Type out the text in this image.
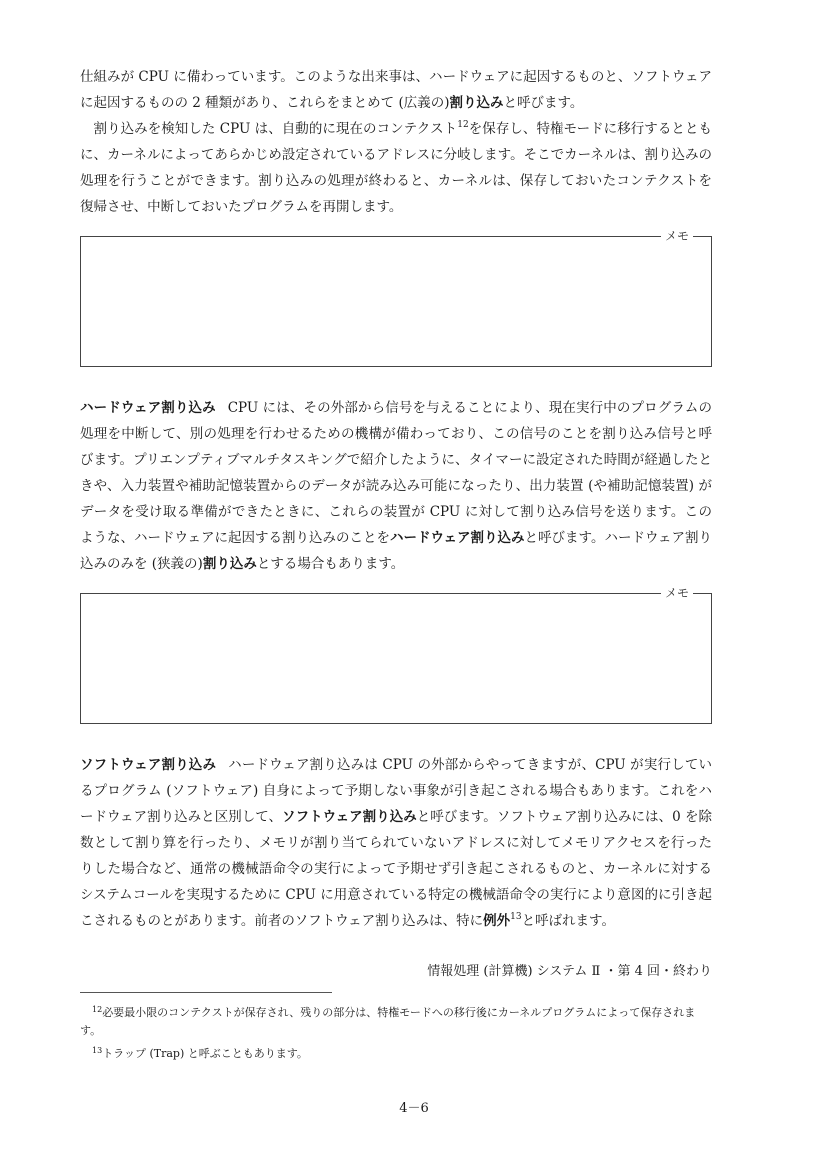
仕組みが CPU に備わっています。このような出来事は、ハードウェアに起因するものと、ソフトウェアに起因するものの 2 種類があり、これらをまとめて (広義の)割り込みと呼びます。

割り込みを検知した CPU は、自動的に現在のコンテクスト$^{12}$を保存し、特権モードに移行するとともに、カーネルによってあらかじめ設定されているアドレスに分岐します。そこでカーネルは、割り込みの処理を行うことができます。割り込みの処理が終わると、カーネルは、保存しておいたコンテクストを復帰させ、中断しておいたプログラムを再開します。

メモ

ハードウェア割り込み CPU には、その外部から信号を与えることにより、現在実行中のプログラムの処理を中断して、別の処理を行わせるための機構が備わっており、この信号のことを割り込み信号と呼びます。プリエンプティブマルチタスキングで紹介したように、タイマーに設定された時間が経過したときや、入力装置や補助記憶装置からのデータが読み込み可能になったり、出力装置 (や補助記憶装置) がデータを受け取る準備ができたときに、これらの装置が CPU に対して割り込み信号を送ります。このような、ハードウェアに起因する割り込みのことをハードウェア割り込みと呼びます。ハードウェア割り込みのみを (狭義の)割り込みとする場合もあります。

メモ

ソフトウェア割り込み ハードウェア割り込みは CPU の外部からやってきますが、CPU が実行しているプログラム (ソフトウェア) 自身によって予期しない事象が引き起こされる場合もあります。これをハードウェア割り込みと区別して、ソフトウェア割り込みと呼びます。ソフトウェア割り込みには、0 を除数として割り算を行ったり、メモリが割り当てられていないアドレスに対してメモリアクセスを行ったりした場合など、通常の機械語命令の実行によって予期せず引き起こされるものと、カーネルに対するシステムコールを実現するために CPU に用意されている特定の機械語命令の実行により意図的に引き起こされるものとがあります。前者のソフトウェア割り込みは、特に例外$^{13}$と呼ばれます。

情報処理 (計算機) システム Ⅱ ・第 4 回・終わり
$^{12}$必要最小限のコンテクストが保存され、残りの部分は、特権モードへの移行後にカーネルプログラムによって保存されます。
$^{13}$トラップ (Trap) と呼ぶこともあります。
4－6
